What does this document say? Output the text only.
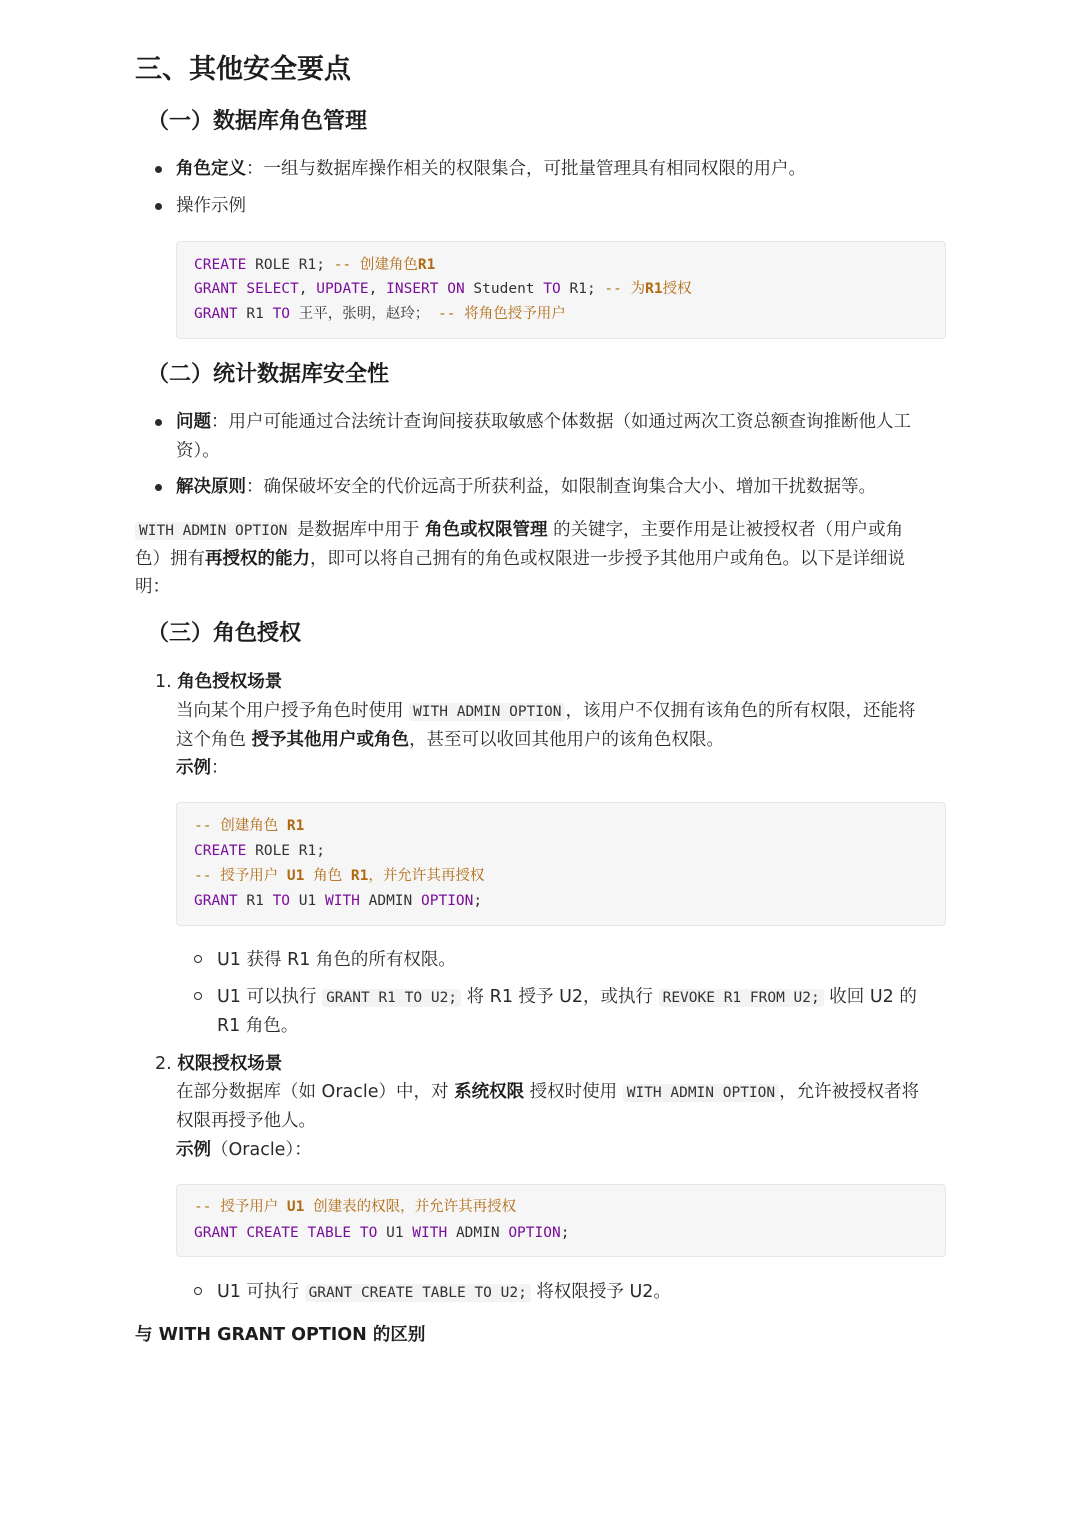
三、其他安全要点
（一）数据库角色管理
角色定义：一组与数据库操作相关的权限集合，可批量管理具有相同权限的用户。
操作示例
CREATE ROLE R1; -- 创建角色R1
GRANT SELECT, UPDATE, INSERT ON Student TO R1; -- 为R1授权
GRANT R1 TO 王平，张明，赵玲； -- 将角色授予用户
（二）统计数据库安全性
问题：用户可能通过合法统计查询间接获取敏感个体数据（如通过两次工资总额查询推断他人工
资）。
解决原则：确保破坏安全的代价远高于所获利益，如限制查询集合大小、增加干扰数据等。
WITH ADMIN OPTION 是数据库中用于 角色或权限管理 的关键字，主要作用是让被授权者（用户或角
色）拥有再授权的能力，即可以将自己拥有的角色或权限进一步授予其他用户或角色。以下是详细说
明：
（三）角色授权
1. 角色授权场景
当向某个用户授予角色时使用 WITH ADMIN OPTION ，该用户不仅拥有该角色的所有权限，还能将
这个角色 授予其他用户或角色，甚至可以收回其他用户的该角色权限。
示例：
-- 创建角色 R1
CREATE ROLE R1;
-- 授予用户 U1 角色 R1，并允许其再授权
GRANT R1 TO U1 WITH ADMIN OPTION;
U1 获得 R1 角色的所有权限。
U1 可以执行 GRANT R1 TO U2; 将 R1 授予 U2，或执行 REVOKE R1 FROM U2; 收回 U2 的
R1 角色。
2. 权限授权场景
在部分数据库（如 Oracle）中，对 系统权限 授权时使用 WITH ADMIN OPTION ，允许被授权者将
权限再授予他人。
示例（Oracle）：
-- 授予用户 U1 创建表的权限，并允许其再授权
GRANT CREATE TABLE TO U1 WITH ADMIN OPTION;
U1 可执行 GRANT CREATE TABLE TO U2; 将权限授予 U2。
与 WITH GRANT OPTION 的区别
